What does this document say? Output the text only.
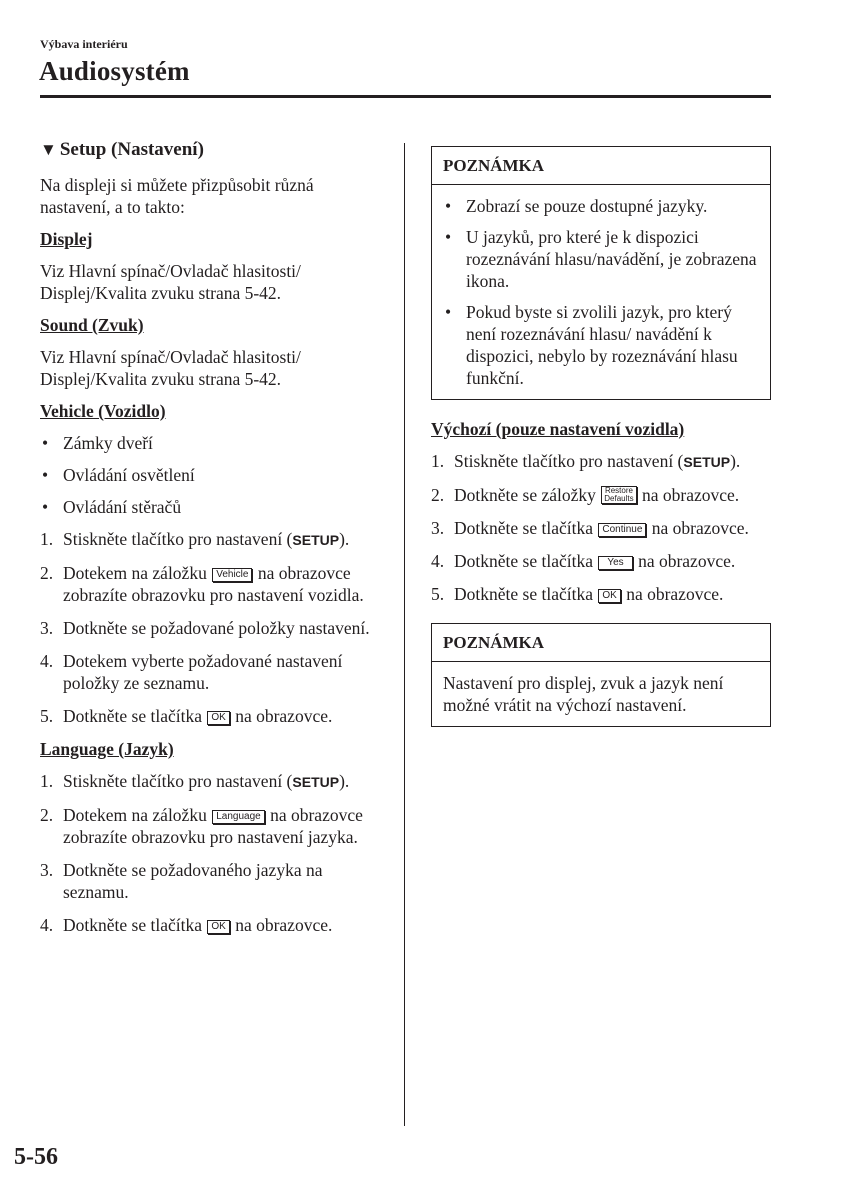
Výbava interiéru
Audiosystém
▼ Setup (Nastavení)

Na displeji si můžete přizpůsobit různá nastavení, a to takto:

Displej

Viz Hlavní spínač/Ovladač hlasitosti/ Displej/Kvalita zvuku strana 5-42.

Sound (Zvuk)

Viz Hlavní spínač/Ovladač hlasitosti/ Displej/Kvalita zvuku strana 5-42.

Vehicle (Vozidlo)

• Zámky dveří
• Ovládání osvětlení
• Ovládání stěračů
1. Stiskněte tlačítko pro nastavení (SETUP).
2. Dotekem na záložku Vehicle na obrazovce zobrazíte obrazovku pro nastavení vozidla.
3. Dotkněte se požadované položky nastavení.
4. Dotekem vyberte požadované nastavení položky ze seznamu.
5. Dotkněte se tlačítka OK na obrazovce.

Language (Jazyk)

1. Stiskněte tlačítko pro nastavení (SETUP).
2. Dotekem na záložku Language na obrazovce zobrazíte obrazovku pro nastavení jazyka.
3. Dotkněte se požadovaného jazyka na seznamu.
4. Dotkněte se tlačítka OK na obrazovce.
POZNÁMKA
• Zobrazí se pouze dostupné jazyky.
• U jazyků, pro které je k dispozici rozeznávání hlasu/navádění, je zobrazena ikona.
• Pokud byste si zvolili jazyk, pro který není rozeznávání hlasu/ navádění k dispozici, nebylo by rozeznávání hlasu funkční.

Výchozí (pouze nastavení vozidla)

1. Stiskněte tlačítko pro nastavení (SETUP).
2. Dotkněte se záložky Restore
Defaults na obrazovce.
3. Dotkněte se tlačítka Continue na obrazovce.
4. Dotkněte se tlačítka Yes na obrazovce.
5. Dotkněte se tlačítka OK na obrazovce.
POZNÁMKA

Nastavení pro displej, zvuk a jazyk není možné vrátit na výchozí nastavení.

5-56
